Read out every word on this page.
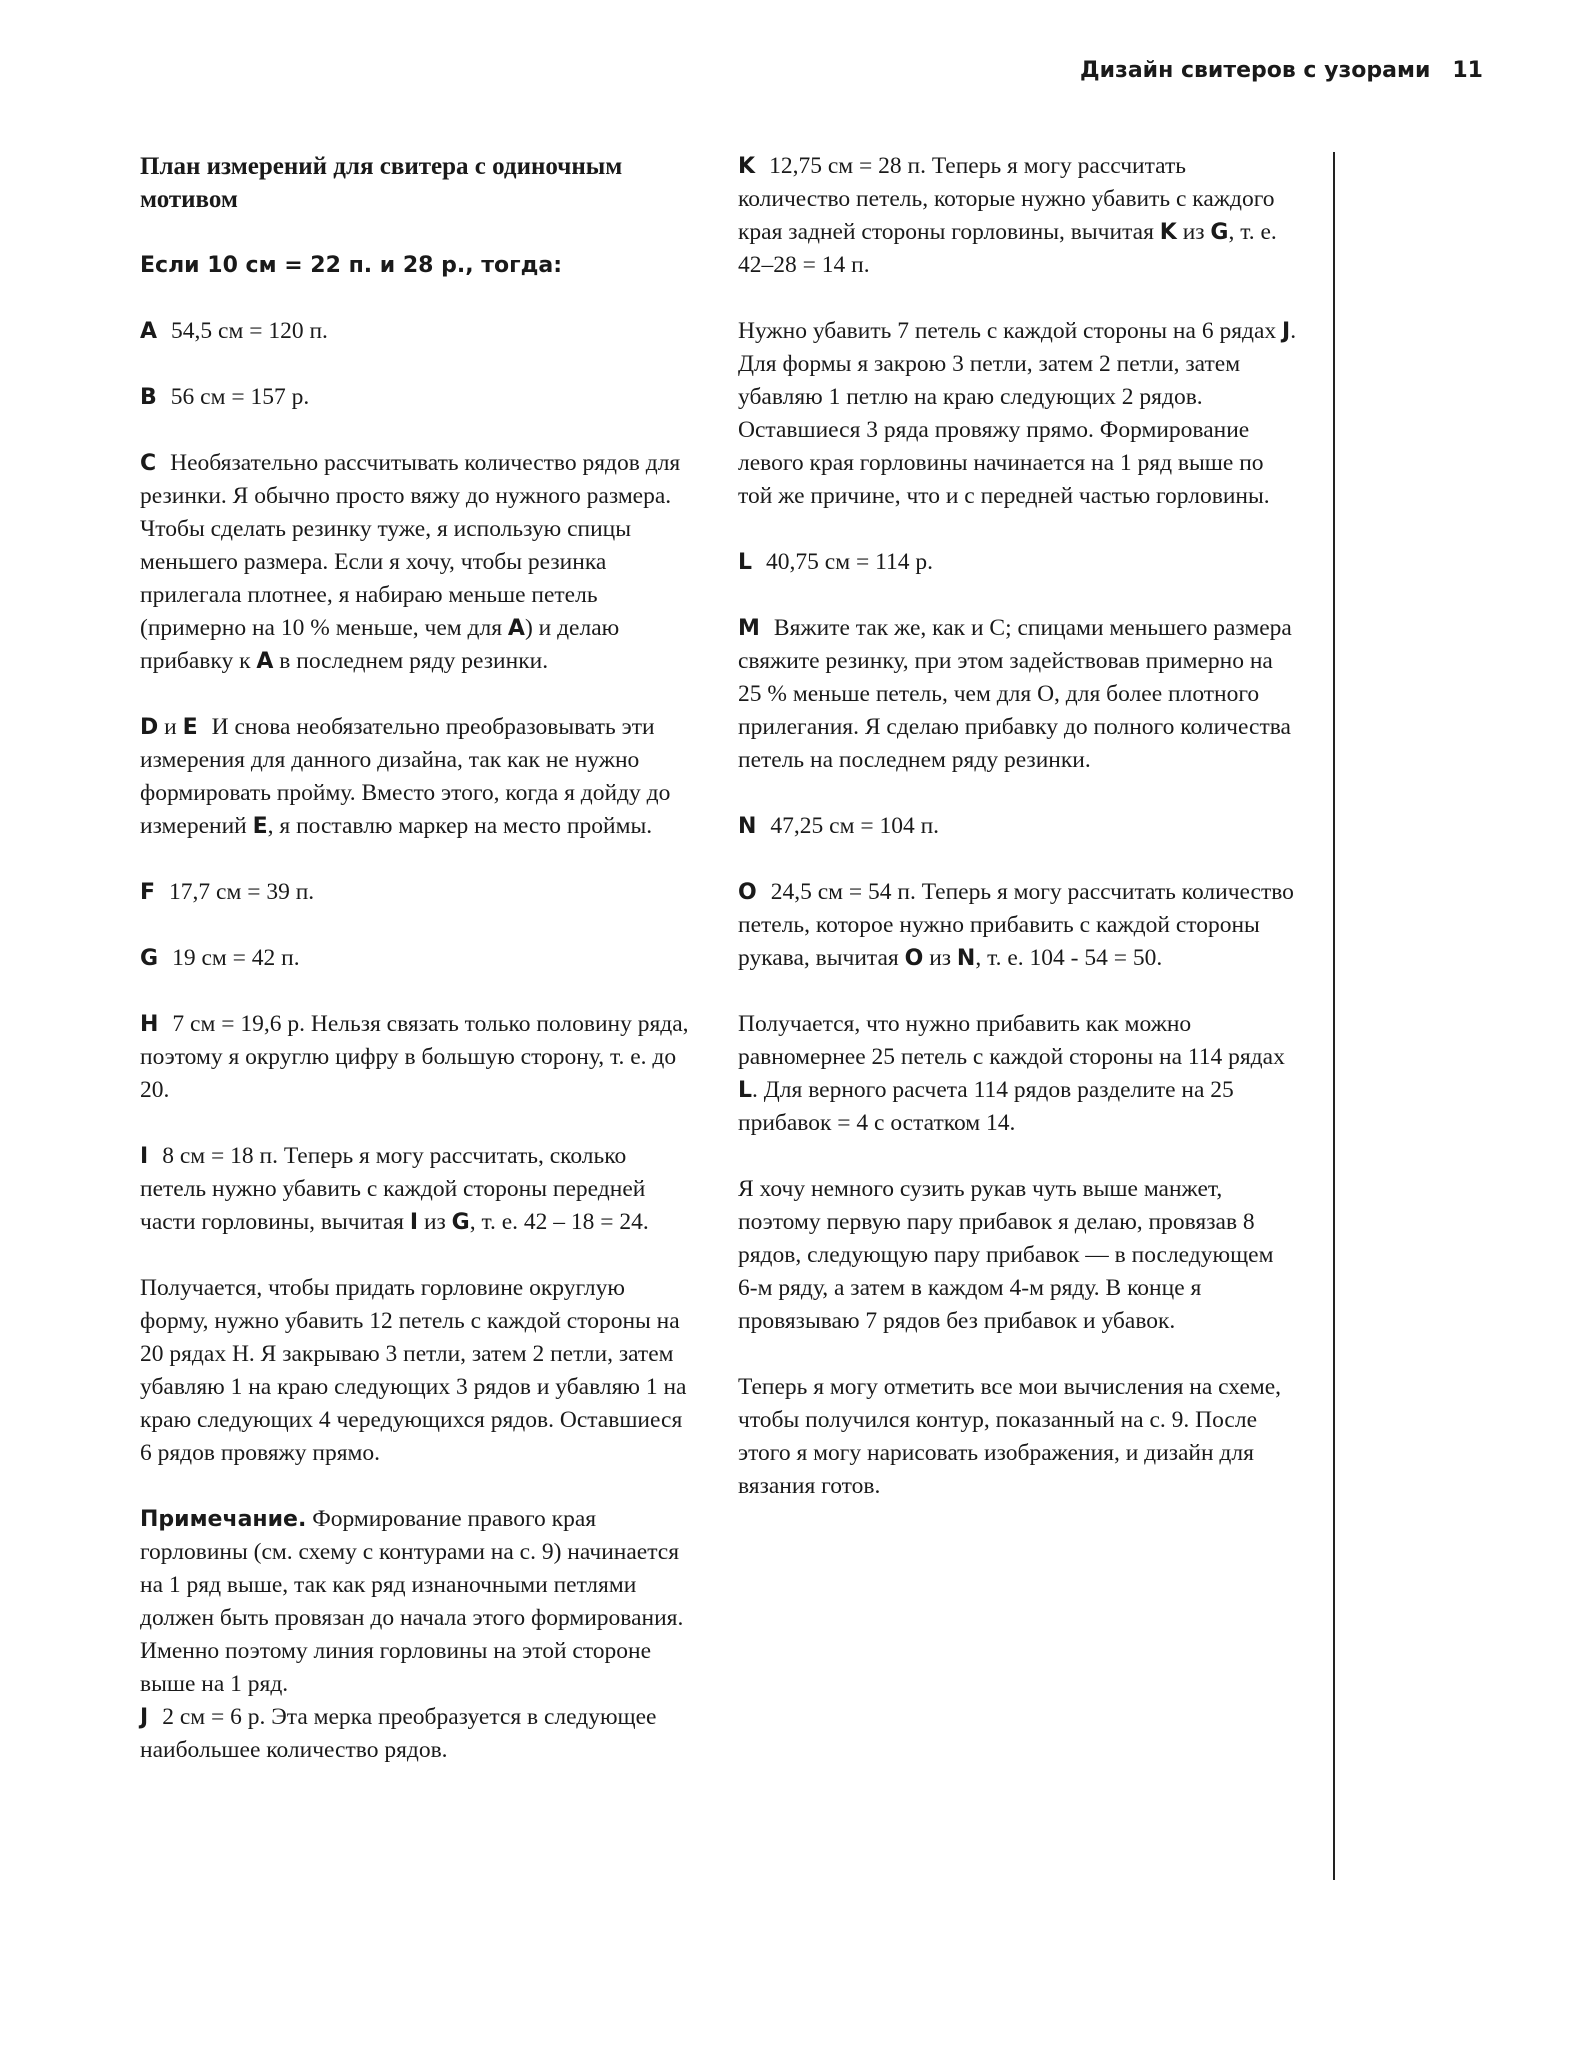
Дизайн свитеров с узорами 11
План измерений для свитера с одиночным мотивом
Если 10 см = 22 п. и 28 р., тогда:

A 54,5 см = 120 п.

B 56 см = 157 р.

C Необязательно рассчитывать количество рядов для резинки. Я обычно просто вяжу до нужного размера. Чтобы сделать резинку туже, я использую спицы меньшего размера. Если я хочу, чтобы резинка прилегала плотнее, я набираю меньше петель (примерно на 10 % меньше, чем для A) и делаю прибавку к A в последнем ряду резинки.

D и E И снова необязательно преобразовывать эти измерения для данного дизайна, так как не нужно формировать пройму. Вместо этого, когда я дойду до измерений E, я поставлю маркер на место проймы.

F 17,7 см = 39 п.

G 19 см = 42 п.

H 7 см = 19,6 р. Нельзя связать только половину ряда, поэтому я округлю цифру в большую сторону, т. е. до 20.

I 8 см = 18 п. Теперь я могу рассчитать, сколько петель нужно убавить с каждой стороны передней части горловины, вычитая I из G, т. е. 42 – 18 = 24.

Получается, чтобы придать горловине округлую форму, нужно убавить 12 петель с каждой стороны на 20 рядах H. Я закрываю 3 петли, затем 2 петли, затем убавляю 1 на краю следующих 3 рядов и убавляю 1 на краю следующих 4 чередующихся рядов. Оставшиеся 6 рядов провяжу прямо.

Примечание. Формирование правого края горловины (см. схему с контурами на с. 9) начинается на 1 ряд выше, так как ряд изнаночными петлями должен быть провязан до начала этого формирования. Именно поэтому линия горловины на этой стороне выше на 1 ряд.

J 2 см = 6 р. Эта мерка преобразуется в следующее наибольшее количество рядов.

K 12,75 см = 28 п. Теперь я могу рассчитать количество петель, которые нужно убавить с каждого края задней стороны горловины, вычитая K из G, т. е. 42–28 = 14 п.

Нужно убавить 7 петель с каждой стороны на 6 рядах J. Для формы я закрою 3 петли, затем 2 петли, затем убавляю 1 петлю на краю следующих 2 рядов. Оставшиеся 3 ряда провяжу прямо. Формирование левого края горловины начинается на 1 ряд выше по той же причине, что и с передней частью горловины.

L 40,75 см = 114 р.

M Вяжите так же, как и С; спицами меньшего размера свяжите резинку, при этом задействовав примерно на 25 % меньше петель, чем для О, для более плотного прилегания. Я сделаю прибавку до полного количества петель на последнем ряду резинки.

N 47,25 см = 104 п.

O 24,5 см = 54 п. Теперь я могу рассчитать количество петель, которое нужно прибавить с каждой стороны рукава, вычитая O из N, т. е. 104 - 54 = 50.

Получается, что нужно прибавить как можно равномернее 25 петель с каждой стороны на 114 рядах L. Для верного расчета 114 рядов разделите на 25 прибавок = 4 с остатком 14.

Я хочу немного сузить рукав чуть выше манжет, поэтому первую пару прибавок я делаю, провязав 8 рядов, следующую пару прибавок — в последующем 6-м ряду, а затем в каждом 4-м ряду. В конце я провязываю 7 рядов без прибавок и убавок.

Теперь я могу отметить все мои вычисления на схеме, чтобы получился контур, показанный на с. 9. После этого я могу нарисовать изображения, и дизайн для вязания готов.
